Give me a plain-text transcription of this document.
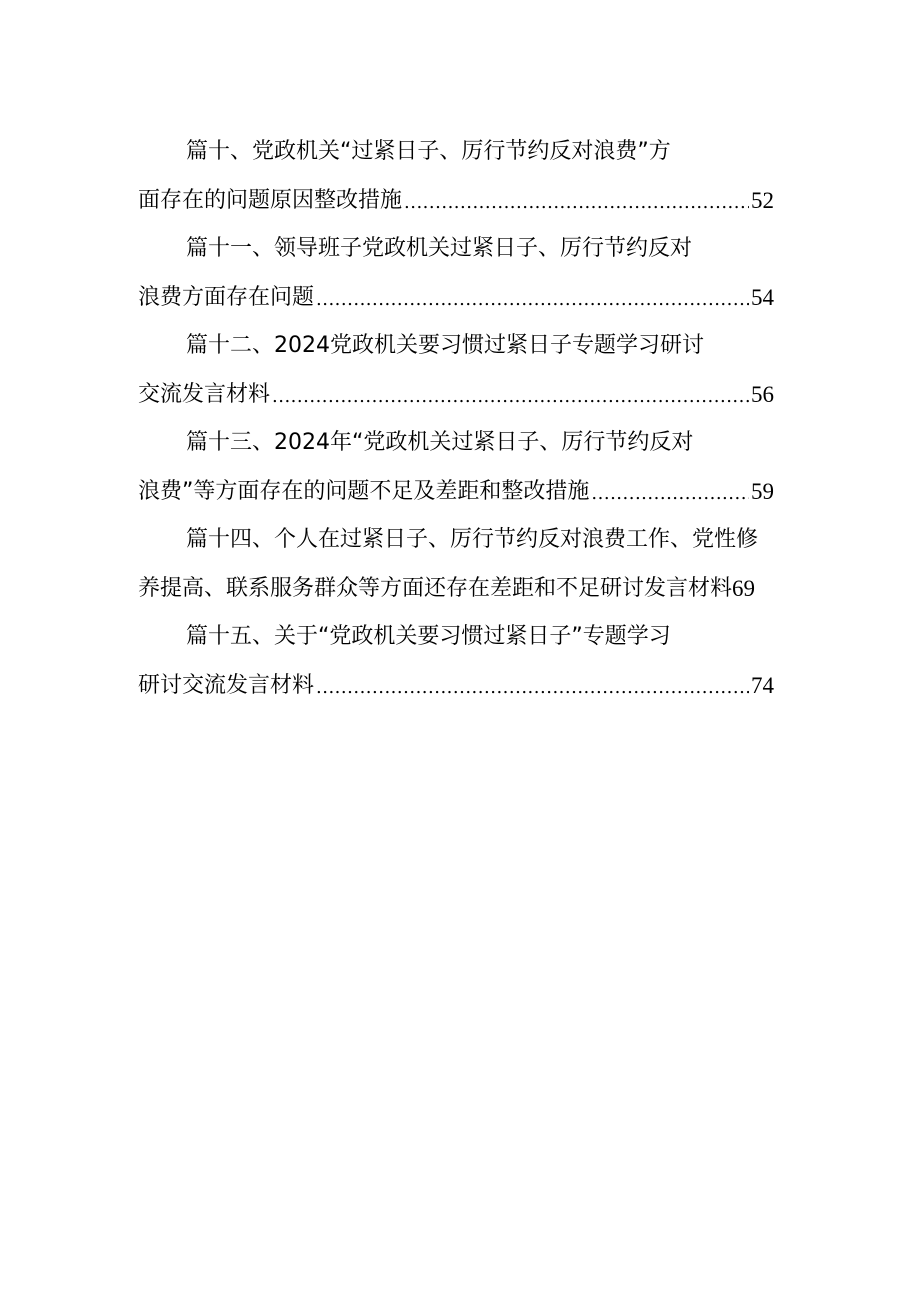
篇十、党政机关“过紧日子、厉行节约反对浪费”方
面存在的问题原因整改措施 .....	52
篇十一、领导班子党政机关过紧日子、厉行节约反对
浪费方面存在问题 .....	54
篇十二、2024党政机关要习惯过紧日子专题学习研讨
交流发言材料 .....	56
篇十三、2024年“党政机关过紧日子、厉行节约反对
浪费”等方面存在的问题不足及差距和整改措施 .....	59
篇十四、个人在过紧日子、厉行节约反对浪费工作、党性修
养提高、联系服务群众等方面还存在差距和不足研讨发言材料 69
篇十五、关于“党政机关要习惯过紧日子”专题学习
研讨交流发言材料 .....	74
